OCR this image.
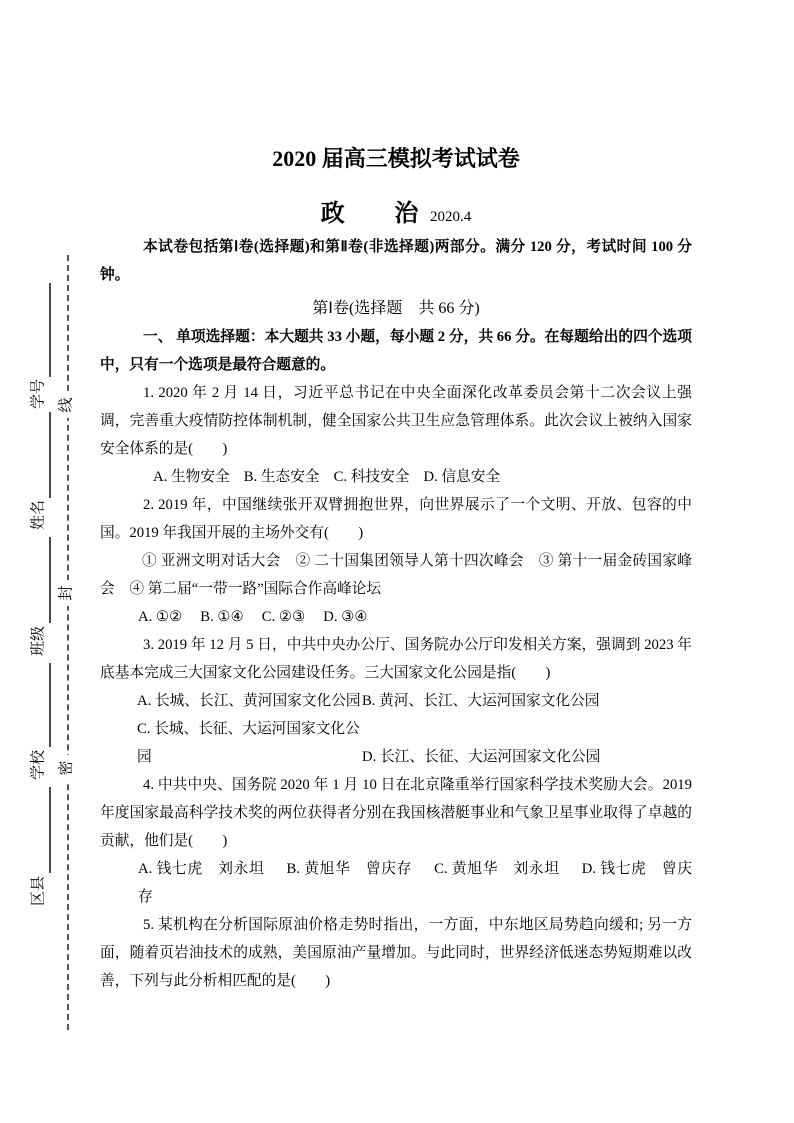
学号
姓名
班级
学校
区县
线
封
密
2020 届高三模拟考试试卷
政 治 2020.4

本试卷包括第Ⅰ卷(选择题)和第Ⅱ卷(非选择题)两部分。满分 120 分，考试时间 100 分钟。

第Ⅰ卷(选择题　共 66 分)

一、 单项选择题：本大题共 33 小题，每小题 2 分，共 66 分。在每题给出的四个选项中，只有一个选项是最符合题意的。

1. 2020 年 2 月 14 日，习近平总书记在中央全面深化改革委员会第十二次会议上强调，完善重大疫情防控体制机制，健全国家公共卫生应急管理体系。此次会议上被纳入国家安全体系的是(　　)

A. 生物安全 B. 生态安全 C. 科技安全 D. 信息安全

2. 2019 年，中国继续张开双臂拥抱世界，向世界展示了一个文明、开放、包容的中国。2019 年我国开展的主场外交有(　　)

① 亚洲文明对话大会　② 二十国集团领导人第十四次峰会　③ 第十一届金砖国家峰会　④ 第二届“一带一路”国际合作高峰论坛

A. ①② B. ①④ C. ②③ D. ③④

3. 2019 年 12 月 5 日，中共中央办公厅、国务院办公厅印发相关方案，强调到 2023 年底基本完成三大国家文化公园建设任务。三大国家文化公园是指(　　)

A. 长城、长江、黄河国家文化公园B. 黄河、长江、大运河国家文化公园

C. 长城、长征、大运河国家文化公园	D. 长江、长征、大运河国家文化公园

4. 中共中央、国务院 2020 年 1 月 10 日在北京隆重举行国家科学技术奖励大会。2019 年度国家最高科学技术奖的两位获得者分别在我国核潜艇事业和气象卫星事业取得了卓越的贡献，他们是(　　)

A. 钱七虎　刘永坦 B. 黄旭华　曾庆存 C. 黄旭华　刘永坦 D. 钱七虎　曾庆存

5. 某机构在分析国际原油价格走势时指出，一方面，中东地区局势趋向缓和; 另一方面，随着页岩油技术的成熟，美国原油产量增加。与此同时，世界经济低迷态势短期难以改善，下列与此分析相匹配的是(　　)
